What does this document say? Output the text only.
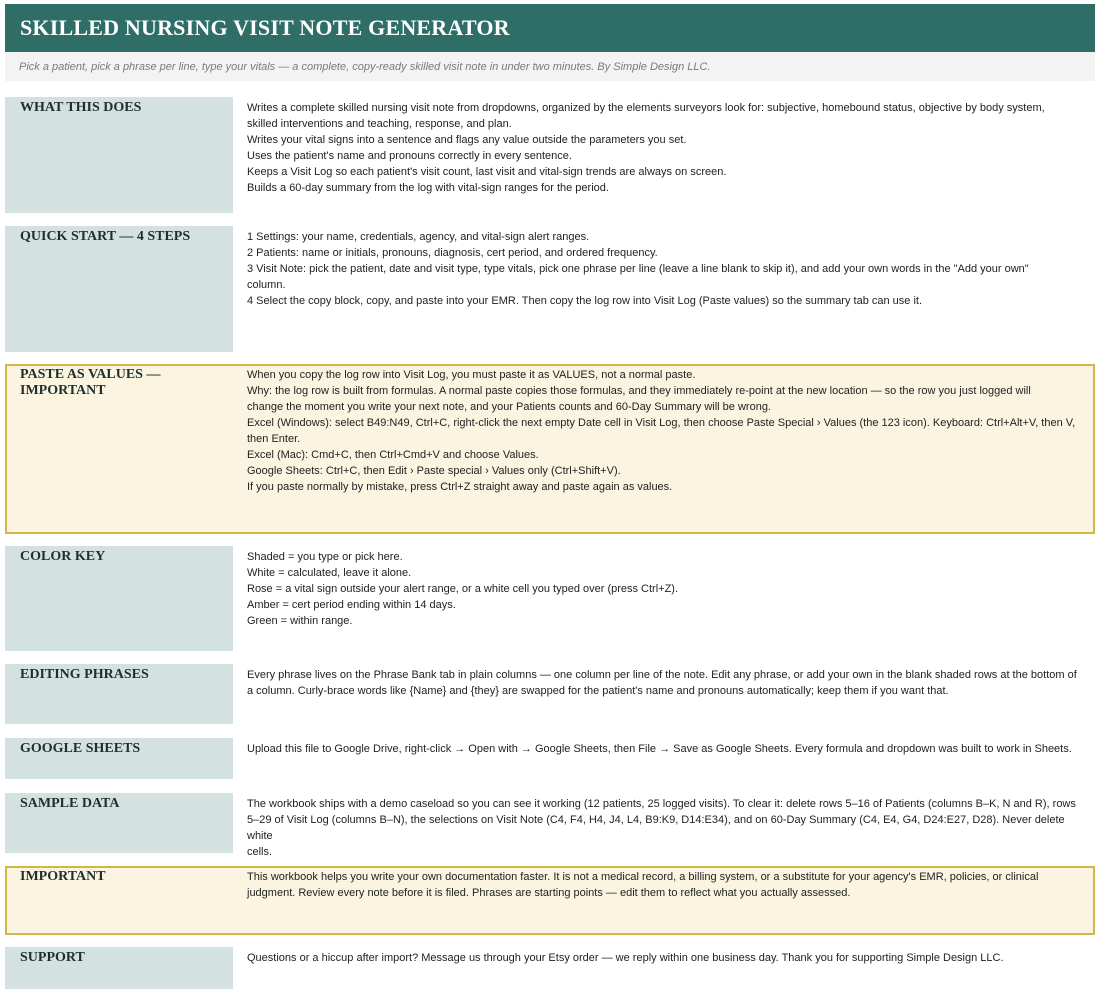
SKILLED NURSING VISIT NOTE GENERATOR
Pick a patient, pick a phrase per line, type your vitals — a complete, copy-ready skilled visit note in under two minutes. By Simple Design LLC.
WHAT THIS DOES	Writes a complete skilled nursing visit note from dropdowns, organized by the elements surveyors look for: subjective, homebound status, objective by body system,
skilled interventions and teaching, response, and plan.
Writes your vital signs into a sentence and flags any value outside the parameters you set.
Uses the patient's name and pronouns correctly in every sentence.
Keeps a Visit Log so each patient's visit count, last visit and vital-sign trends are always on screen.
Builds a 60-day summary from the log with vital-sign ranges for the period.
QUICK START — 4 STEPS	1 Settings: your name, credentials, agency, and vital-sign alert ranges.
2 Patients: name or initials, pronouns, diagnosis, cert period, and ordered frequency.
3 Visit Note: pick the patient, date and visit type, type vitals, pick one phrase per line (leave a line blank to skip it), and add your own words in the "Add your own"
column.
4 Select the copy block, copy, and paste into your EMR. Then copy the log row into Visit Log (Paste values) so the summary tab can use it.
PASTE AS VALUES —
IMPORTANT
When you copy the log row into Visit Log, you must paste it as VALUES, not a normal paste.
Why: the log row is built from formulas. A normal paste copies those formulas, and they immediately re-point at the new location — so the row you just logged will
change the moment you write your next note, and your Patients counts and 60-Day Summary will be wrong.
Excel (Windows): select B49:N49, Ctrl+C, right-click the next empty Date cell in Visit Log, then choose Paste Special › Values (the 123 icon). Keyboard: Ctrl+Alt+V, then V,
then Enter.
Excel (Mac): Cmd+C, then Ctrl+Cmd+V and choose Values.
Google Sheets: Ctrl+C, then Edit › Paste special › Values only (Ctrl+Shift+V).
If you paste normally by mistake, press Ctrl+Z straight away and paste again as values.
COLOR KEY	Shaded = you type or pick here.
White = calculated, leave it alone.
Rose = a vital sign outside your alert range, or a white cell you typed over (press Ctrl+Z).
Amber = cert period ending within 14 days.
Green = within range.
EDITING PHRASES	Every phrase lives on the Phrase Bank tab in plain columns — one column per line of the note. Edit any phrase, or add your own in the blank shaded rows at the bottom of
a column. Curly-brace words like {Name} and {they} are swapped for the patient's name and pronouns automatically; keep them if you want that.
GOOGLE SHEETS	Upload this file to Google Drive, right-click → Open with → Google Sheets, then File → Save as Google Sheets. Every formula and dropdown was built to work in Sheets.
SAMPLE DATA	The workbook ships with a demo caseload so you can see it working (12 patients, 25 logged visits). To clear it: delete rows 5–16 of Patients (columns B–K, N and R), rows
5–29 of Visit Log (columns B–N), the selections on Visit Note (C4, F4, H4, J4, L4, B9:K9, D14:E34), and on 60-Day Summary (C4, E4, G4, D24:E27, D28). Never delete white
cells.
IMPORTANT	This workbook helps you write your own documentation faster. It is not a medical record, a billing system, or a substitute for your agency's EMR, policies, or clinical
judgment. Review every note before it is filed. Phrases are starting points — edit them to reflect what you actually assessed.
SUPPORT	Questions or a hiccup after import? Message us through your Etsy order — we reply within one business day. Thank you for supporting Simple Design LLC.
